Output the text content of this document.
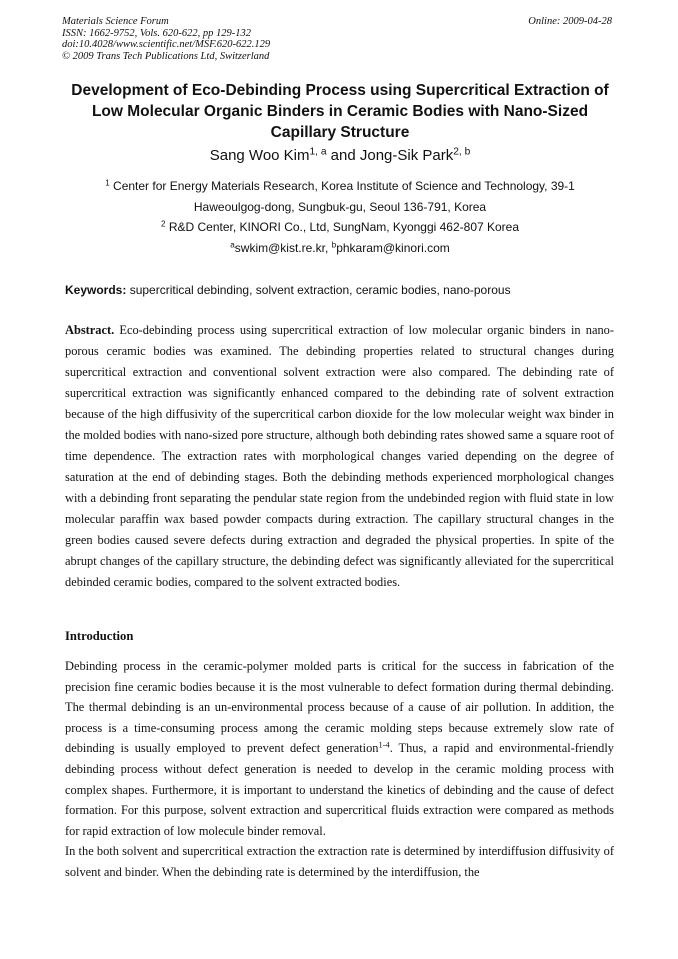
Materials Science Forum
ISSN: 1662-9752, Vols. 620-622, pp 129-132
doi:10.4028/www.scientific.net/MSF.620-622.129
© 2009 Trans Tech Publications Ltd, Switzerland
Online: 2009-04-28
Development of Eco-Debinding Process using Supercritical Extraction of Low Molecular Organic Binders in Ceramic Bodies with Nano-Sized Capillary Structure
Sang Woo Kim$^{1, a}$ and Jong-Sik Park$^{2, b}$
$^1$ Center for Energy Materials Research, Korea Institute of Science and Technology, 39-1
Haweoulgog-dong, Sungbuk-gu, Seoul 136-791, Korea
$^2$ R&D Center, KINORI Co., Ltd, SungNam, Kyonggi 462-807 Korea
$^a$swkim@kist.re.kr, $^b$phkaram@kinori.com
Keywords: supercritical debinding, solvent extraction, ceramic bodies, nano-porous
Abstract. Eco-debinding process using supercritical extraction of low molecular organic binders in nano-porous ceramic bodies was examined. The debinding properties related to structural changes during supercritical extraction and conventional solvent extraction were also compared. The debinding rate of supercritical extraction was significantly enhanced compared to the debinding rate of solvent extraction because of the high diffusivity of the supercritical carbon dioxide for the low molecular weight wax binder in the molded bodies with nano-sized pore structure, although both debinding rates showed same a square root of time dependence. The extraction rates with morphological changes varied depending on the degree of saturation at the end of debinding stages. Both the debinding methods experienced morphological changes with a debinding front separating the pendular state region from the undebinded region with fluid state in low molecular paraffin wax based powder compacts during extraction. The capillary structural changes in the green bodies caused severe defects during extraction and degraded the physical properties. In spite of the abrupt changes of the capillary structure, the debinding defect was significantly alleviated for the supercritical debinded ceramic bodies, compared to the solvent extracted bodies.
Introduction

Debinding process in the ceramic-polymer molded parts is critical for the success in fabrication of the precision fine ceramic bodies because it is the most vulnerable to defect formation during thermal debinding. The thermal debinding is an un-environmental process because of a cause of air pollution. In addition, the process is a time-consuming process among the ceramic molding steps because extremely slow rate of debinding is usually employed to prevent defect generation$^{1-4}$. Thus, a rapid and environmental-friendly debinding process without defect generation is needed to develop in the ceramic molding process with complex shapes. Furthermore, it is important to understand the kinetics of debinding and the cause of defect formation. For this purpose, solvent extraction and supercritical fluids extraction were compared as methods for rapid extraction of low molecule binder removal.

In the both solvent and supercritical extraction the extraction rate is determined by interdiffusion diffusivity of solvent and binder. When the debinding rate is determined by the interdiffusion, the
